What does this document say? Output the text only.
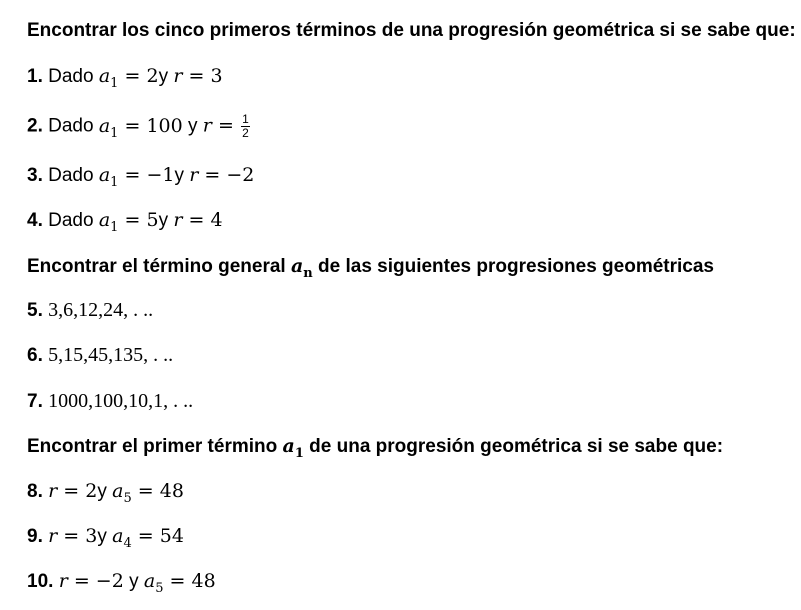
Encontrar los cinco primeros términos de una progresión geométrica si se sabe que:
1. Dado $a_1 = 2y$ r = 3
2. Dado $a_1 = 100$ y $r = \frac{1}{2}$
3. Dado $a_1 = -1y$ r = −2
4. Dado $a_1 = 5y$ r = 4
Encontrar el término general $a_n$ de las siguientes progresiones geométricas
5. 3,6,12,24, . ..
6. 5,15,45,135, . ..
7. 1000,100,10,1, . ..
Encontrar el primer término $a_1$ de una progresión geométrica si se sabe que:
8. r = 2y $a_5 = 48$
9. r = 3y $a_4 = 54$
10. r = −2 y $a_5 = 48$
